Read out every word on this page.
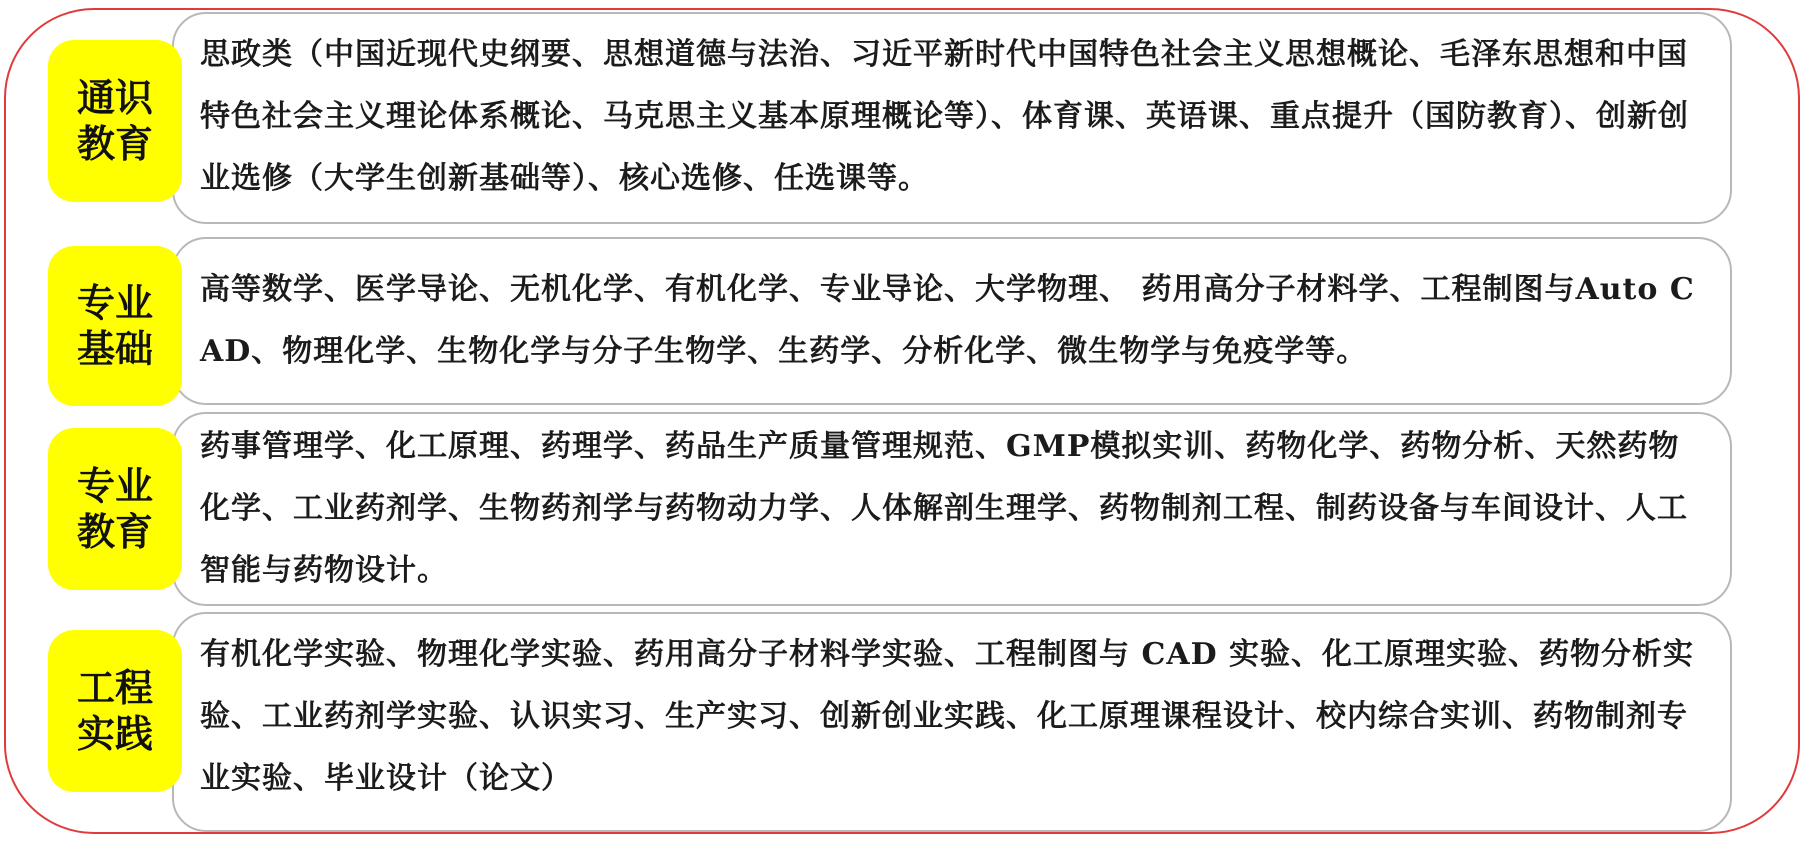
思政类（中国近现代史纲要、思想道德与法治、习近平新时代中国特色社会主义思想概论、毛泽东思想和中国特色社会主义理论体系概论、马克思主义基本原理概论等）、体育课、英语课、重点提升（国防教育）、创新创业选修（大学生创新基础等）、核心选修、任选课等。

通识教育

高等数学、医学导论、无机化学、有机化学、专业导论、大学物理、 药用高分子材料学、工程制图与Auto CAD、物理化学、生物化学与分子生物学、生药学、分析化学、微生物学与免疫学等。

专业基础

药事管理学、化工原理、药理学、药品生产质量管理规范、GMP模拟实训、药物化学、药物分析、天然药物化学、工业药剂学、生物药剂学与药物动力学、人体解剖生理学、药物制剂工程、制药设备与车间设计、人工智能与药物设计。

专业教育

有机化学实验、物理化学实验、药用高分子材料学实验、工程制图与 CAD 实验、化工原理实验、药物分析实验、工业药剂学实验、认识实习、生产实习、创新创业实践、化工原理课程设计、校内综合实训、药物制剂专业实验、毕业设计（论文）

工程实践
